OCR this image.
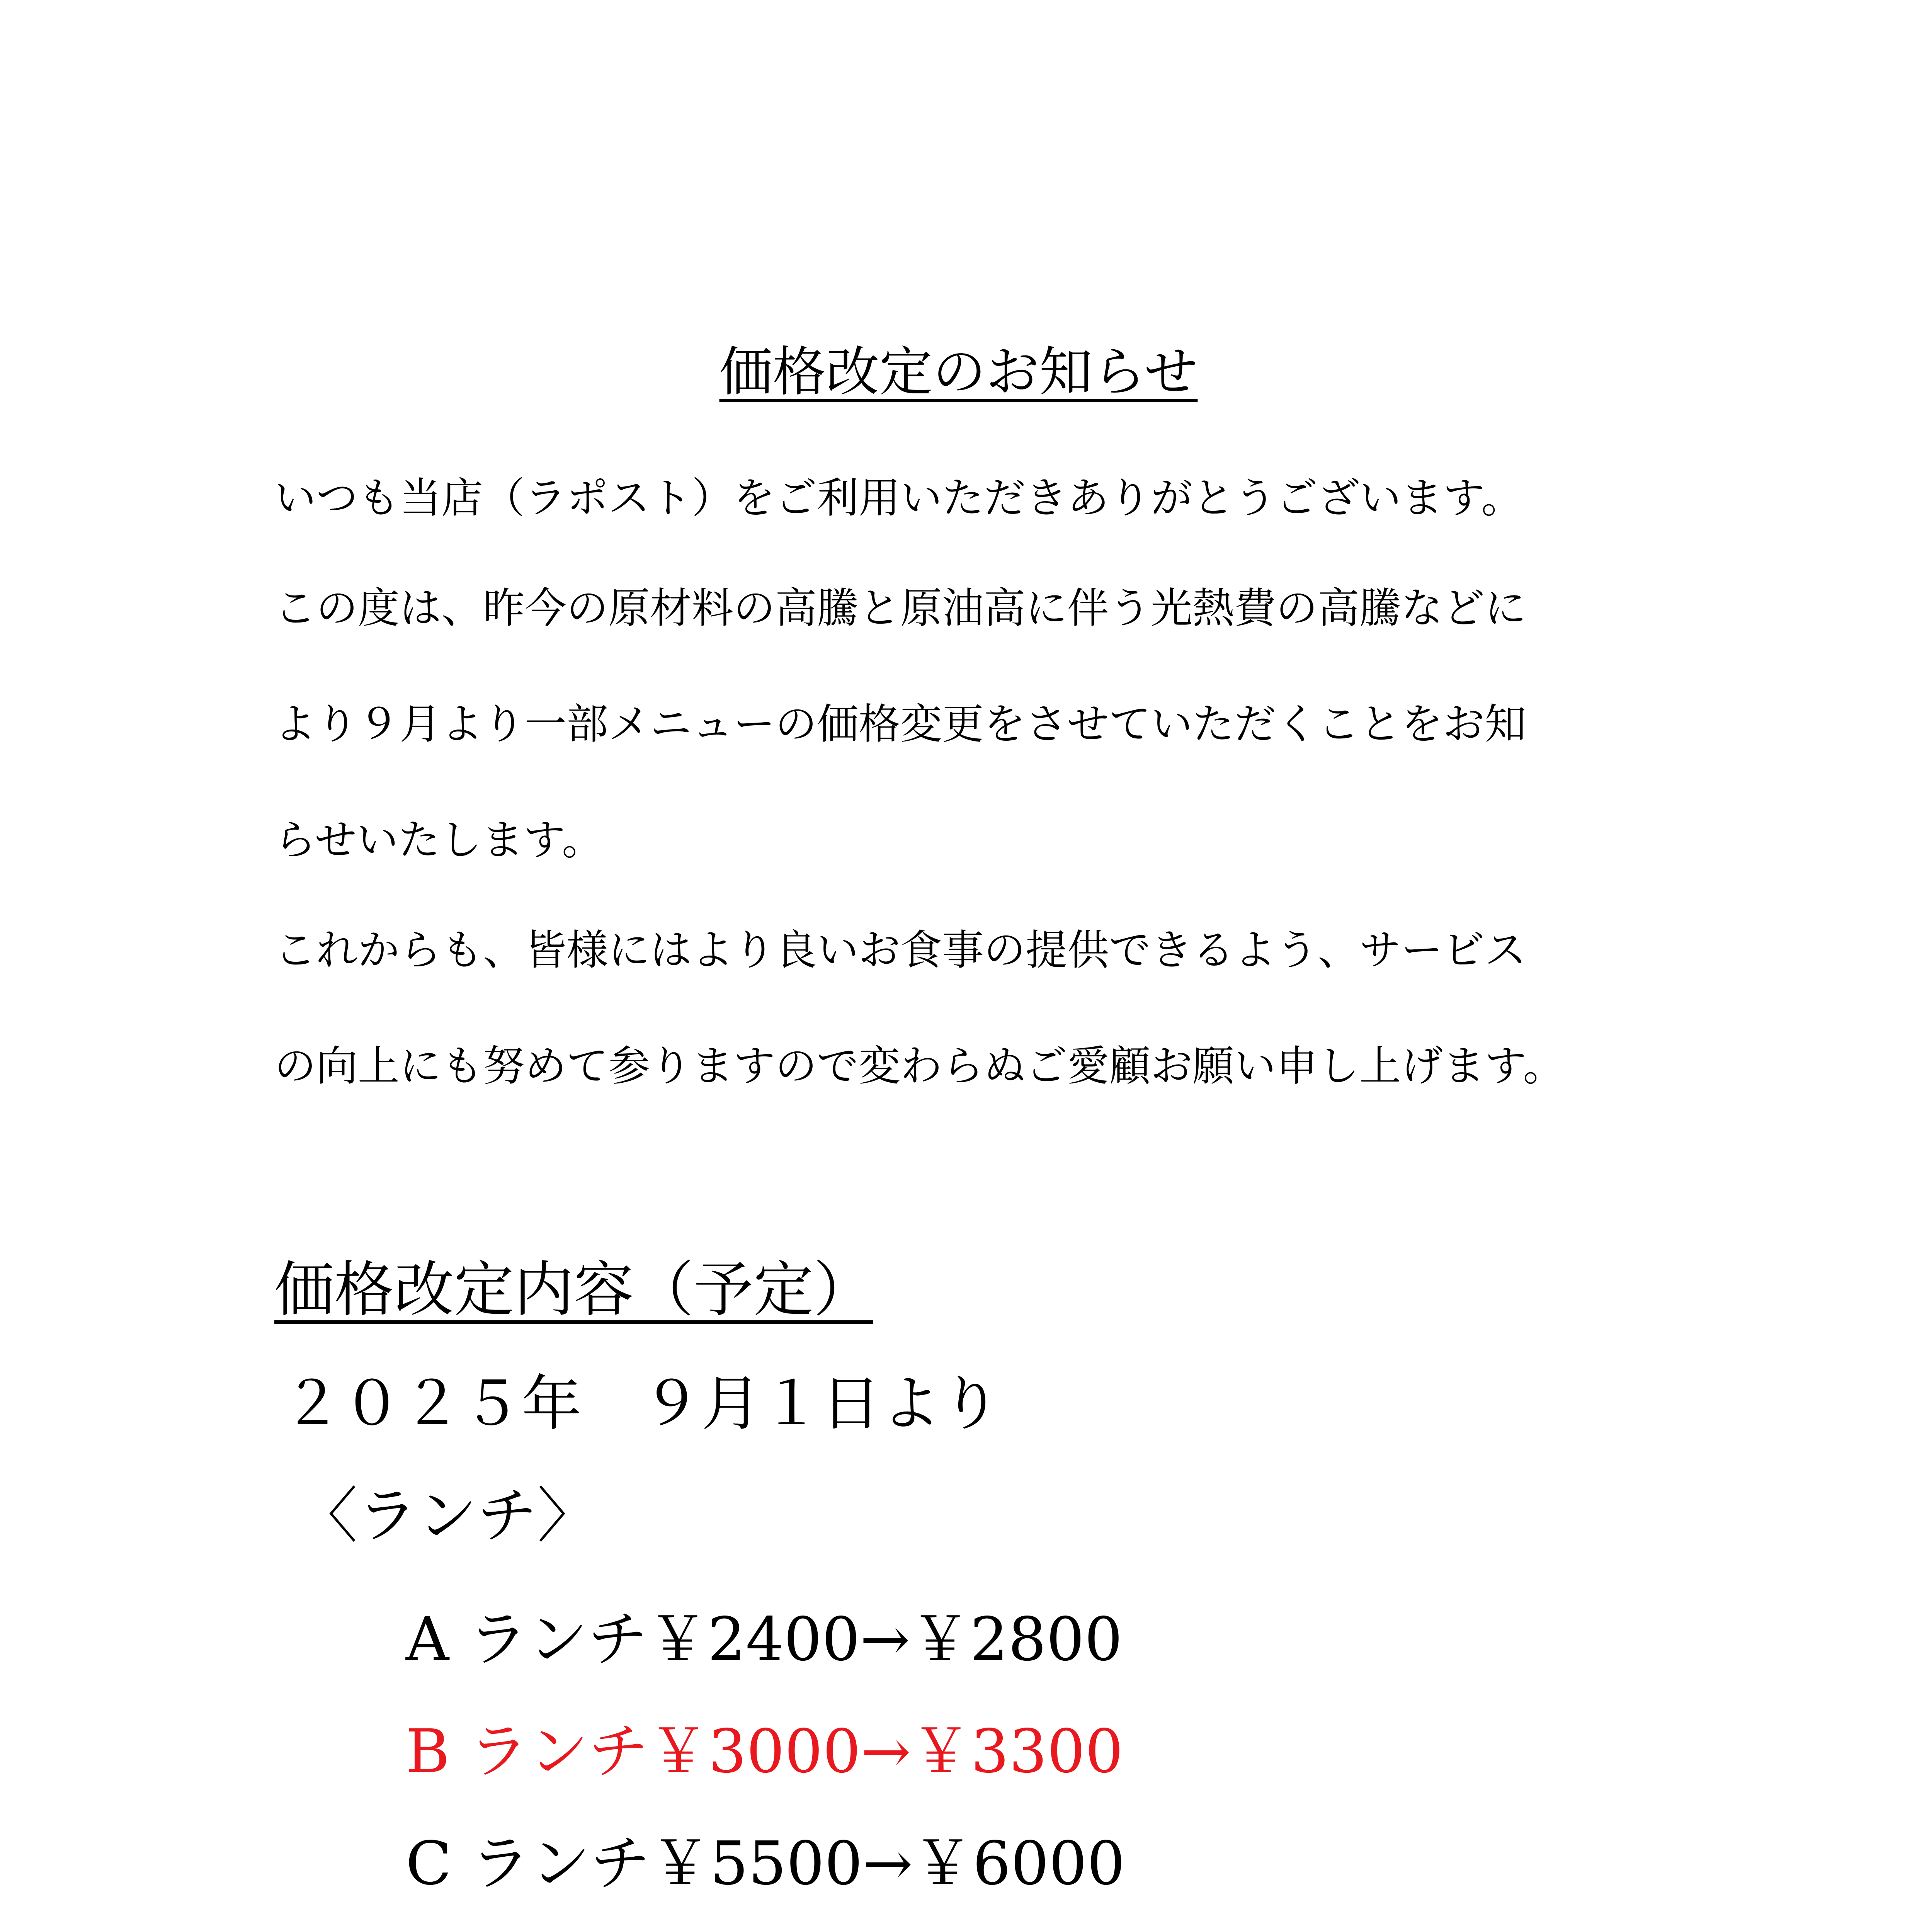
価格改定のお知らせ

いつも当店（ラポスト）をご利用いただきありがとうございます。

この度は、昨今の原材料の高騰と原油高に伴う光熱費の高騰などに

より９月より一部メニューの価格変更をさせていただくことをお知

らせいたします。

これからも、皆様にはより良いお食事の提供できるよう、サービス

の向上にも努めて参りますので変わらぬご愛顧お願い申し上げます。

価格改定内容（予定）

２０２５年　９月１日より

〈ランチ〉

A ランチ￥2400→￥2800

B ランチ￥3000→￥3300

C ランチ￥5500→￥6000
